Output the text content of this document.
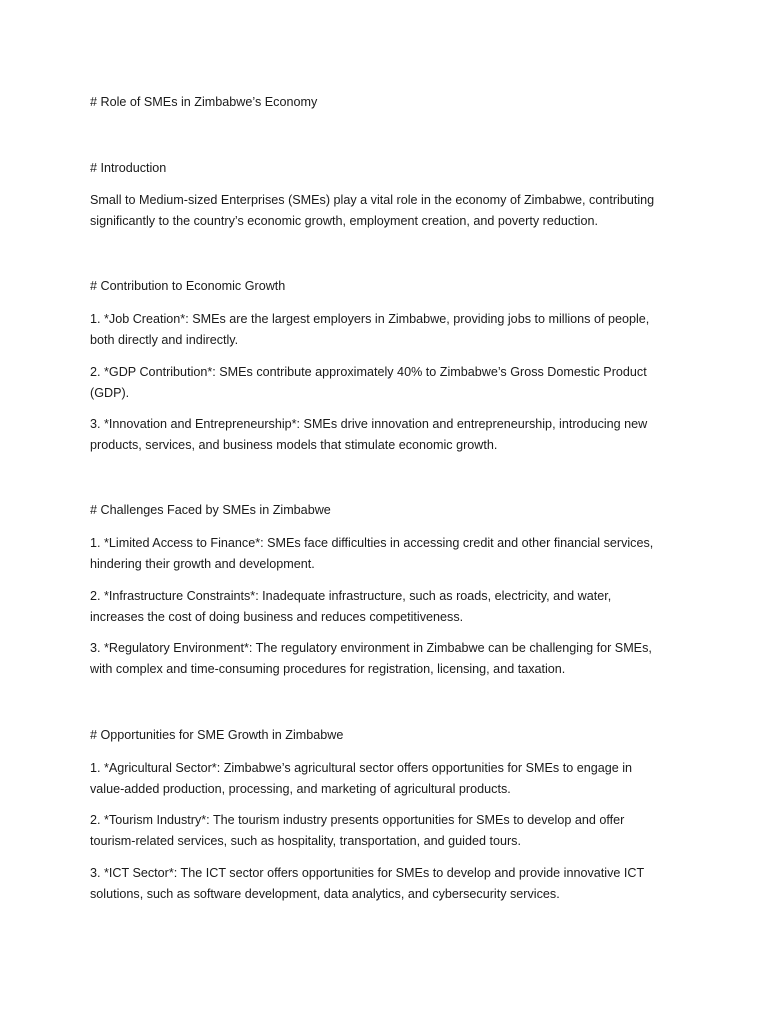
# Role of SMEs in Zimbabwe’s Economy

# Introduction

Small to Medium-sized Enterprises (SMEs) play a vital role in the economy of Zimbabwe, contributing

significantly to the country’s economic growth, employment creation, and poverty reduction.

# Contribution to Economic Growth

1. *Job Creation*: SMEs are the largest employers in Zimbabwe, providing jobs to millions of people,

both directly and indirectly.

2. *GDP Contribution*: SMEs contribute approximately 40% to Zimbabwe’s Gross Domestic Product

(GDP).

3. *Innovation and Entrepreneurship*: SMEs drive innovation and entrepreneurship, introducing new

products, services, and business models that stimulate economic growth.

# Challenges Faced by SMEs in Zimbabwe

1. *Limited Access to Finance*: SMEs face difficulties in accessing credit and other financial services,

hindering their growth and development.

2. *Infrastructure Constraints*: Inadequate infrastructure, such as roads, electricity, and water,

increases the cost of doing business and reduces competitiveness.

3. *Regulatory Environment*: The regulatory environment in Zimbabwe can be challenging for SMEs,

with complex and time-consuming procedures for registration, licensing, and taxation.

# Opportunities for SME Growth in Zimbabwe

1. *Agricultural Sector*: Zimbabwe’s agricultural sector offers opportunities for SMEs to engage in

value-added production, processing, and marketing of agricultural products.

2. *Tourism Industry*: The tourism industry presents opportunities for SMEs to develop and offer

tourism-related services, such as hospitality, transportation, and guided tours.

3. *ICT Sector*: The ICT sector offers opportunities for SMEs to develop and provide innovative ICT

solutions, such as software development, data analytics, and cybersecurity services.
